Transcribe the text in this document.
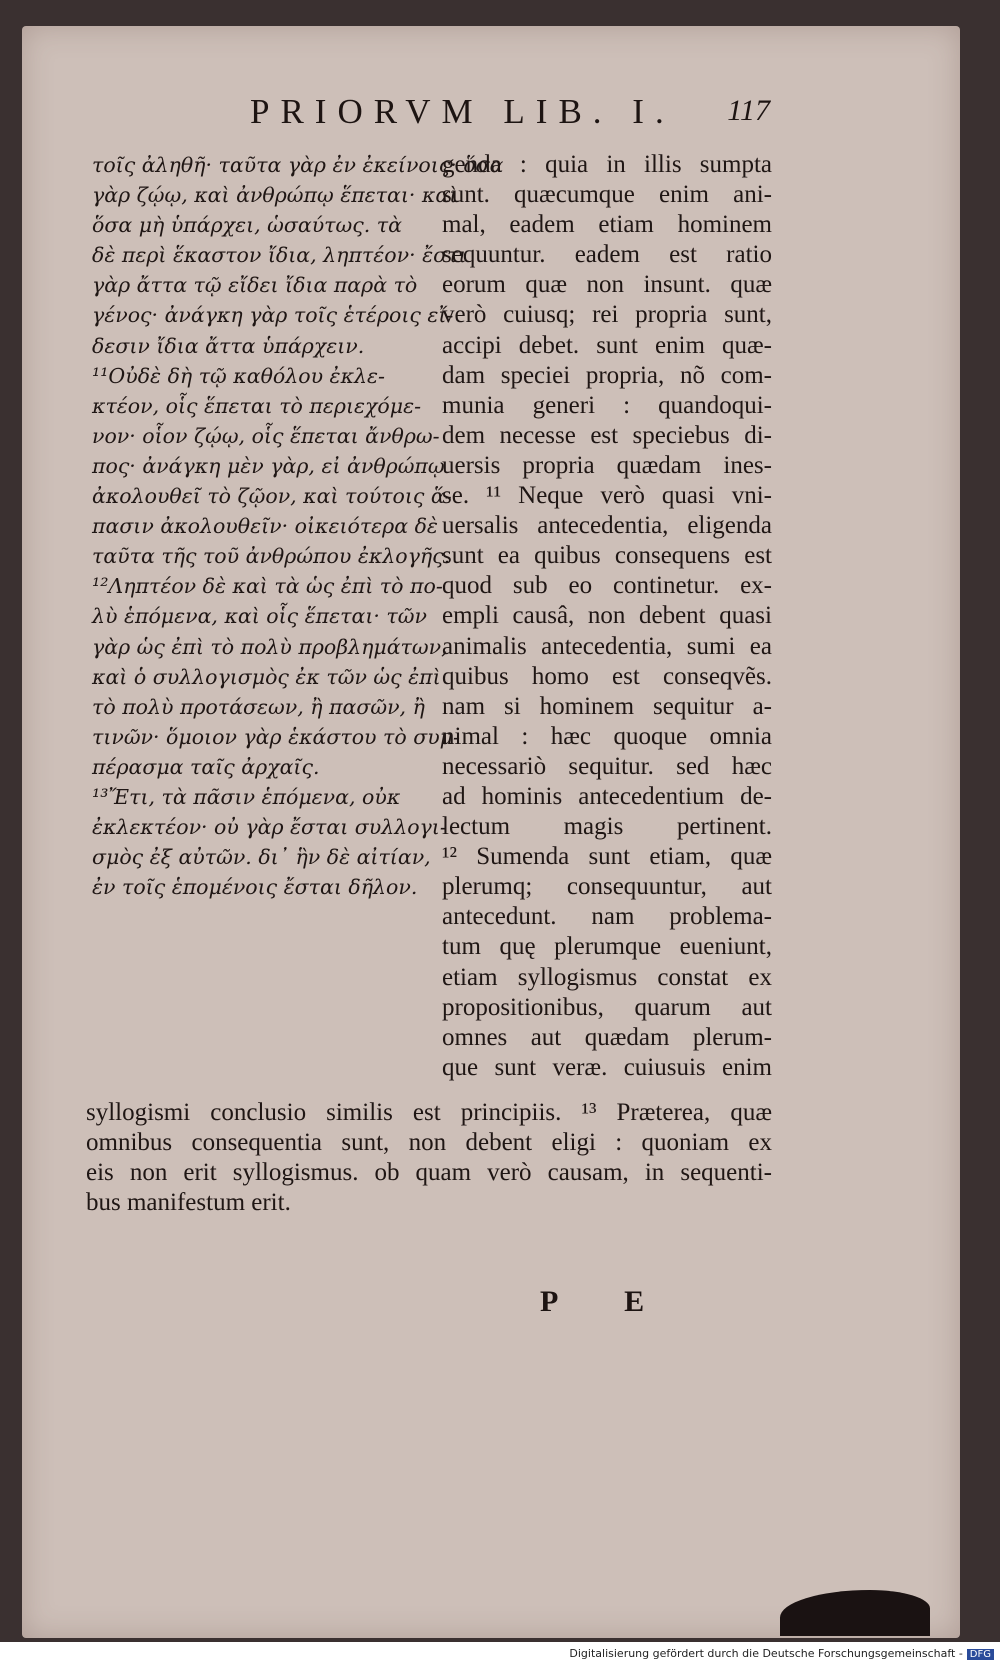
PRIORVM LIB. I. 117
τοῖς ἀληθῆ· ταῦτα γὰρ ἐν ἐκείνοις· ὅσα
γὰρ ζῴῳ, καὶ ἀνθρώπῳ ἕπεται· καὶ
ὅσα μὴ ὑπάρχει, ὡσαύτως. τὰ
δὲ περὶ ἕκαστον ἴδια, ληπτέον· ἔστι
γὰρ ἄττα τῷ εἴδει ἴδια παρὰ τὸ
γένος· ἀνάγκη γὰρ τοῖς ἑτέροις εἴ-
δεσιν ἴδια ἄττα ὑπάρχειν.
¹¹Οὐδὲ δὴ τῷ καθόλου ἐκλε-
κτέον, οἷς ἕπεται τὸ περιεχόμε-
νον· οἷον ζῴῳ, οἷς ἕπεται ἄνθρω-
πος· ἀνάγκη μὲν γὰρ, εἰ ἀνθρώπῳ
ἀκολουθεῖ τὸ ζῷον, καὶ τούτοις ἅ-
πασιν ἀκολουθεῖν· οἰκειότερα δὲ
ταῦτα τῆς τοῦ ἀνθρώπου ἐκλογῆς.
¹²Ληπτέον δὲ καὶ τὰ ὡς ἐπὶ τὸ πο-
λὺ ἑπόμενα, καὶ οἷς ἕπεται· τῶν
γὰρ ὡς ἐπὶ τὸ πολὺ προβλημάτων,
καὶ ὁ συλλογισμὸς ἐκ τῶν ὡς ἐπὶ
τὸ πολὺ προτάσεων, ἢ πασῶν, ἢ
τινῶν· ὅμοιον γὰρ ἑκάστου τὸ συμ-
πέρασμα ταῖς ἀρχαῖς.
¹³Ἔτι, τὰ πᾶσιν ἑπόμενα, οὐκ
ἐκλεκτέον· οὐ γὰρ ἔσται συλλογι-
σμὸς ἐξ αὐτῶν. δι᾽ ἣν δὲ αἰτίαν,
ἐν τοῖς ἑπομένοις ἔσται δῆλον.
genda : quia in illis sumpta
sunt. quæcumque enim ani-
mal, eadem etiam hominem
sequuntur. eadem est ratio
eorum quæ non insunt. quæ
verò cuiusq; rei propria sunt,
accipi debet. sunt enim quæ-
dam speciei propria, nõ com-
munia generi : quandoqui-
dem necesse est speciebus di-
uersis propria quædam ines-
se. ¹¹ Neque verò quasi vni-
uersalis antecedentia, eligenda
sunt ea quibus consequens est
quod sub eo continetur. ex-
empli causâ, non debent quasi
animalis antecedentia, sumi ea
quibus homo est conseqvẽs.
nam si hominem sequitur a-
nimal : hæc quoque omnia
necessariò sequitur. sed hæc
ad hominis antecedentium de-
lectum magis pertinent.
¹² Sumenda sunt etiam, quæ
plerumq; consequuntur, aut
antecedunt. nam problema-
tum quę plerumque eueniunt,
etiam syllogismus constat ex
propositionibus, quarum aut
omnes aut quædam plerum-
que sunt veræ. cuiusuis enim
syllogismi conclusio similis est principiis. ¹³ Præterea, quæ
omnibus consequentia sunt, non debent eligi : quoniam ex
eis non erit syllogismus. ob quam verò causam, in sequenti-
bus manifestum erit.
P E
Digitalisierung gefördert durch die Deutsche Forschungsgemeinschaft - DFG
